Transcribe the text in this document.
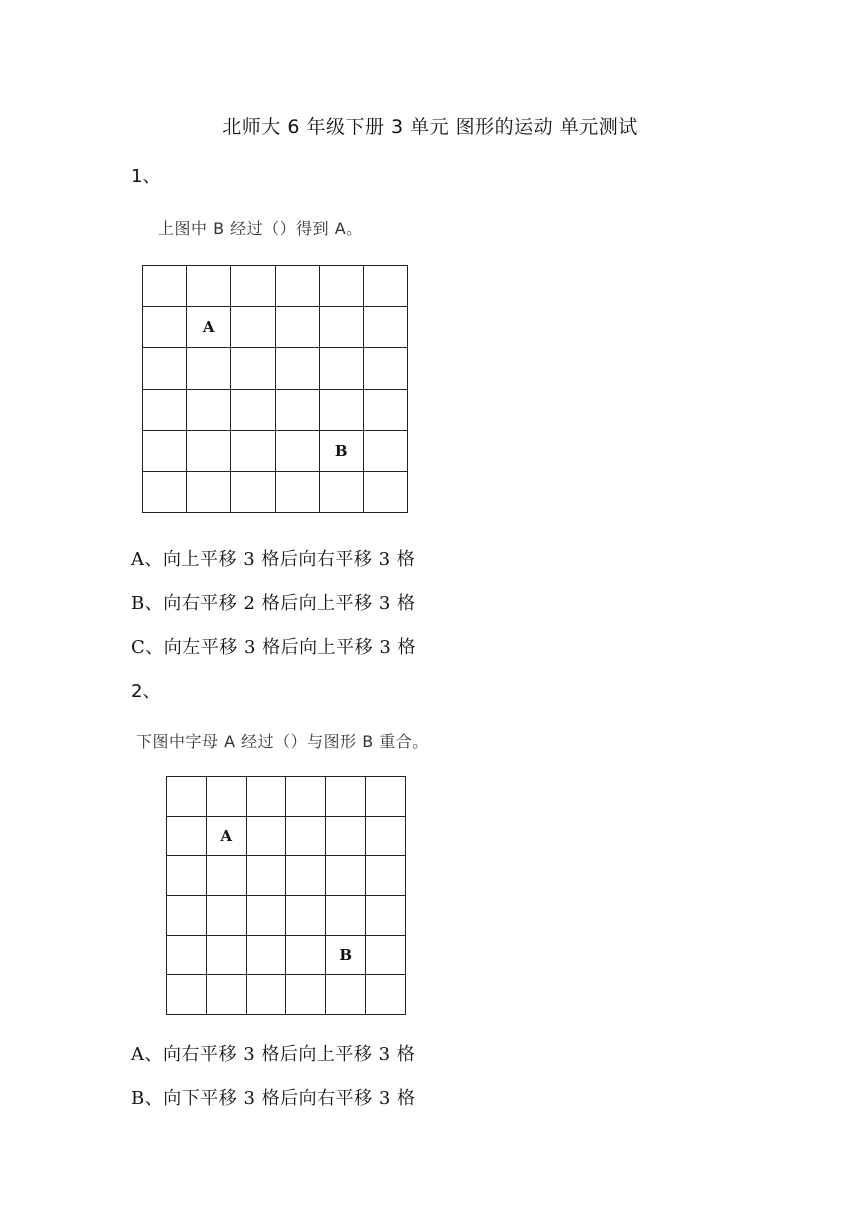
北师大 6 年级下册 3 单元 图形的运动 单元测试
1、
上图中 B 经过（）得到 A。
A
B
A、向上平移 3 格后向右平移 3 格
B、向右平移 2 格后向上平移 3 格
C、向左平移 3 格后向上平移 3 格
2、
下图中字母 A 经过（）与图形 B 重合。
A
B
A、向右平移 3 格后向上平移 3 格
B、向下平移 3 格后向右平移 3 格
